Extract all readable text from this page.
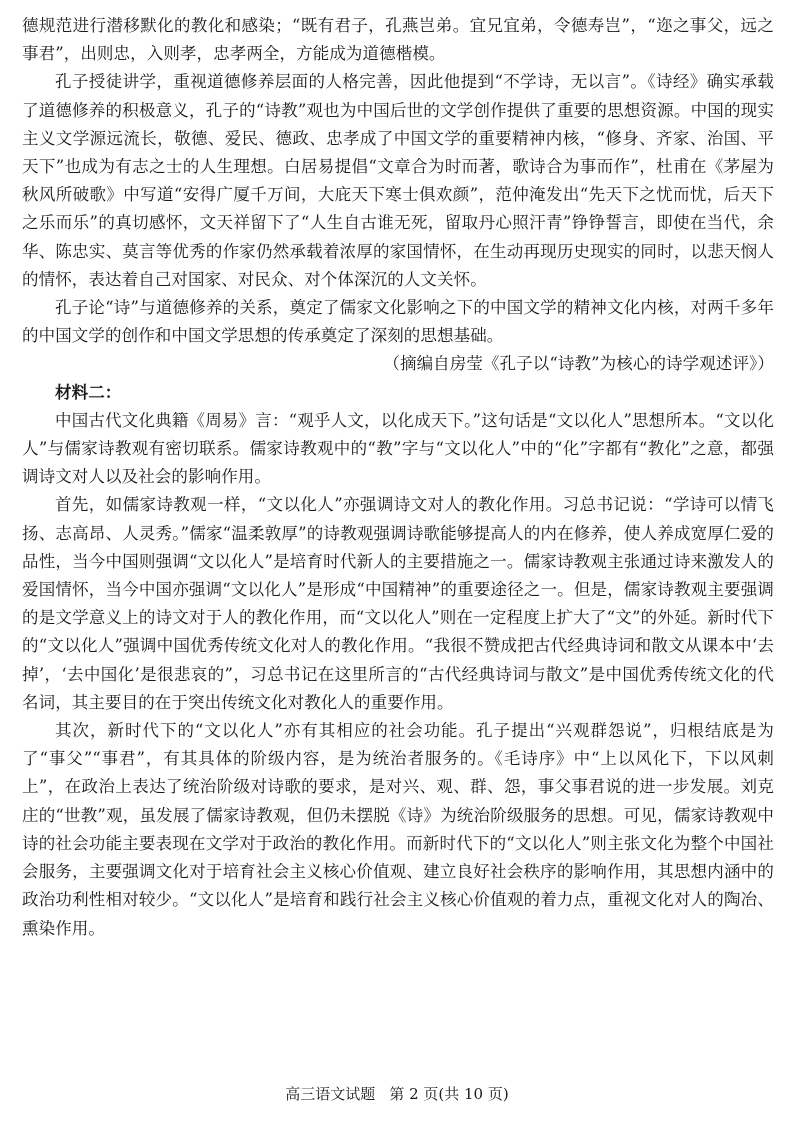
德规范进行潜移默化的教化和感染；“既有君子，孔燕岂弟。宜兄宜弟，令德寿岂”，“迩之事父，远之事君”，出则忠，入则孝，忠孝两全，方能成为道德楷模。

孔子授徒讲学，重视道德修养层面的人格完善，因此他提到“不学诗，无以言”。《诗经》确实承载了道德修养的积极意义，孔子的“诗教”观也为中国后世的文学创作提供了重要的思想资源。中国的现实主义文学源远流长，敬德、爱民、德政、忠孝成了中国文学的重要精神内核，“修身、齐家、治国、平天下”也成为有志之士的人生理想。白居易提倡“文章合为时而著，歌诗合为事而作”，杜甫在《茅屋为秋风所破歌》中写道“安得广厦千万间，大庇天下寒士俱欢颜”，范仲淹发出“先天下之忧而忧，后天下之乐而乐”的真切感怀，文天祥留下了“人生自古谁无死，留取丹心照汗青”铮铮誓言，即使在当代，余华、陈忠实、莫言等优秀的作家仍然承载着浓厚的家国情怀，在生动再现历史现实的同时，以悲天悯人的情怀，表达着自己对国家、对民众、对个体深沉的人文关怀。

孔子论“诗”与道德修养的关系，奠定了儒家文化影响之下的中国文学的精神文化内核，对两千多年的中国文学的创作和中国文学思想的传承奠定了深刻的思想基础。

（摘编自房莹《孔子以“诗教”为核心的诗学观述评》）

材料二：

中国古代文化典籍《周易》言：“观乎人文，以化成天下。”这句话是“文以化人”思想所本。“文以化人”与儒家诗教观有密切联系。儒家诗教观中的“教”字与“文以化人”中的“化”字都有“教化”之意，都强调诗文对人以及社会的影响作用。

首先，如儒家诗教观一样，“文以化人”亦强调诗文对人的教化作用。习总书记说：“学诗可以情飞扬、志高昂、人灵秀。”儒家“温柔敦厚”的诗教观强调诗歌能够提高人的内在修养，使人养成宽厚仁爱的品性，当今中国则强调“文以化人”是培育时代新人的主要措施之一。儒家诗教观主张通过诗来激发人的爱国情怀，当今中国亦强调“文以化人”是形成“中国精神”的重要途径之一。但是，儒家诗教观主要强调的是文学意义上的诗文对于人的教化作用，而“文以化人”则在一定程度上扩大了“文”的外延。新时代下的“文以化人”强调中国优秀传统文化对人的教化作用。“我很不赞成把古代经典诗词和散文从课本中‘去掉’，‘去中国化’是很悲哀的”，习总书记在这里所言的“古代经典诗词与散文”是中国优秀传统文化的代名词，其主要目的在于突出传统文化对教化人的重要作用。

其次，新时代下的“文以化人”亦有其相应的社会功能。孔子提出“兴观群怨说”，归根结底是为了“事父”“事君”，有其具体的阶级内容，是为统治者服务的。《毛诗序》中“上以风化下，下以风刺上”，在政治上表达了统治阶级对诗歌的要求，是对兴、观、群、怨，事父事君说的进一步发展。刘克庄的“世教”观，虽发展了儒家诗教观，但仍未摆脱《诗》为统治阶级服务的思想。可见，儒家诗教观中诗的社会功能主要表现在文学对于政治的教化作用。而新时代下的“文以化人”则主张文化为整个中国社会服务，主要强调文化对于培育社会主义核心价值观、建立良好社会秩序的影响作用，其思想内涵中的政治功利性相对较少。“文以化人”是培育和践行社会主义核心价值观的着力点，重视文化对人的陶冶、熏染作用。

高三语文试题 第 2 页(共 10 页)
